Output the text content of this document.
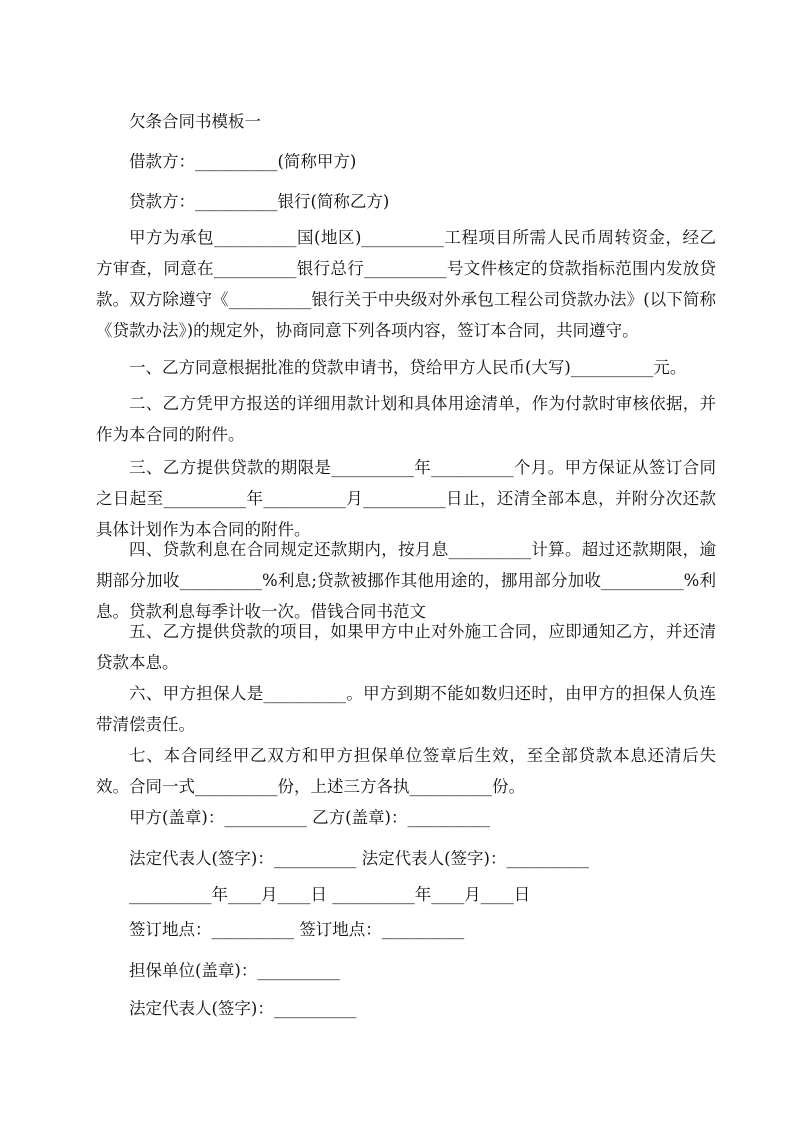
欠条合同书模板一

借款方：__________(简称甲方)

贷款方：__________银行(简称乙方)

甲方为承包__________国(地区)__________工程项目所需人民币周转资金，经乙方审查，同意在__________银行总行__________号文件核定的贷款指标范围内发放贷款。双方除遵守《__________银行关于中央级对外承包工程公司贷款办法》(以下简称《贷款办法》)的规定外，协商同意下列各项内容，签订本合同，共同遵守。

一、乙方同意根据批准的贷款申请书，贷给甲方人民币(大写)__________元。

二、乙方凭甲方报送的详细用款计划和具体用途清单，作为付款时审核依据，并作为本合同的附件。

三、乙方提供贷款的期限是__________年__________个月。甲方保证从签订合同之日起至__________年__________月__________日止，还清全部本息，并附分次还款具体计划作为本合同的附件。

四、贷款利息在合同规定还款期内，按月息__________计算。超过还款期限，逾期部分加收__________%利息;贷款被挪作其他用途的，挪用部分加收__________%利息。贷款利息每季计收一次。借钱合同书范文

五、乙方提供贷款的项目，如果甲方中止对外施工合同，应即通知乙方，并还清贷款本息。

六、甲方担保人是__________。甲方到期不能如数归还时，由甲方的担保人负连带清偿责任。

七、本合同经甲乙双方和甲方担保单位签章后生效，至全部贷款本息还清后失效。合同一式__________份，上述三方各执__________份。

甲方(盖章)：__________ 乙方(盖章)：__________

法定代表人(签字)：__________ 法定代表人(签字)：__________

__________年____月____日 __________年____月____日

签订地点：__________ 签订地点：__________

担保单位(盖章)：__________

法定代表人(签字)：__________
